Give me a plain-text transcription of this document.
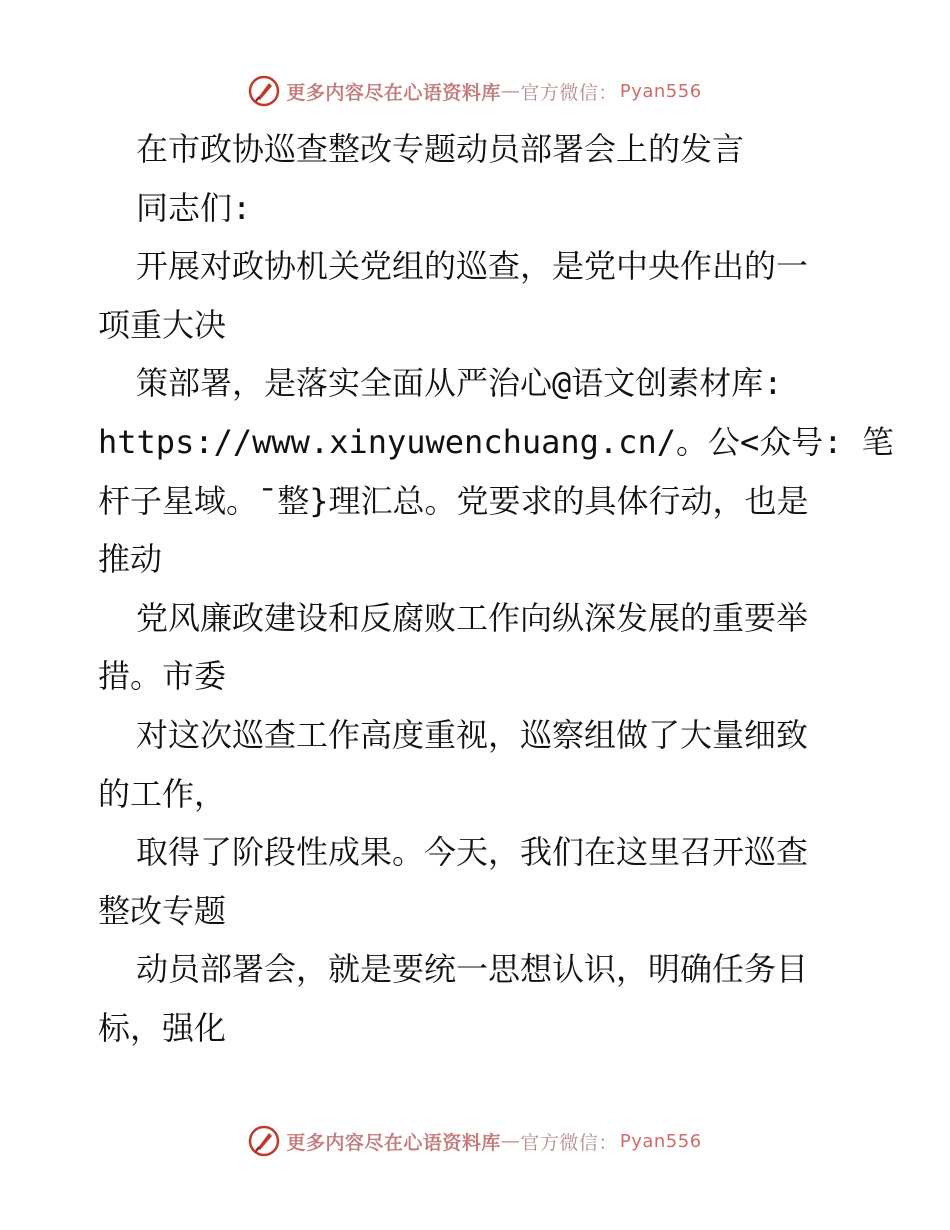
更多内容尽在心语资料库 — 官方微信： Pyan556
在市政协巡查整改专题动员部署会上的发言
同志们:
开展对政协机关党组的巡查，是党中央作出的一
项重大决
策部署，是落实全面从严治心@语文创素材库:
https://www.xinyuwenchuang.cn/。公<众号: 笔
杆子星域。¯整}理汇总。党要求的具体行动，也是
推动
党风廉政建设和反腐败工作向纵深发展的重要举
措。市委
对这次巡查工作高度重视，巡察组做了大量细致
的工作，
取得了阶段性成果。今天，我们在这里召开巡查
整改专题
动员部署会，就是要统一思想认识，明确任务目
标，强化
更多内容尽在心语资料库 — 官方微信： Pyan556
